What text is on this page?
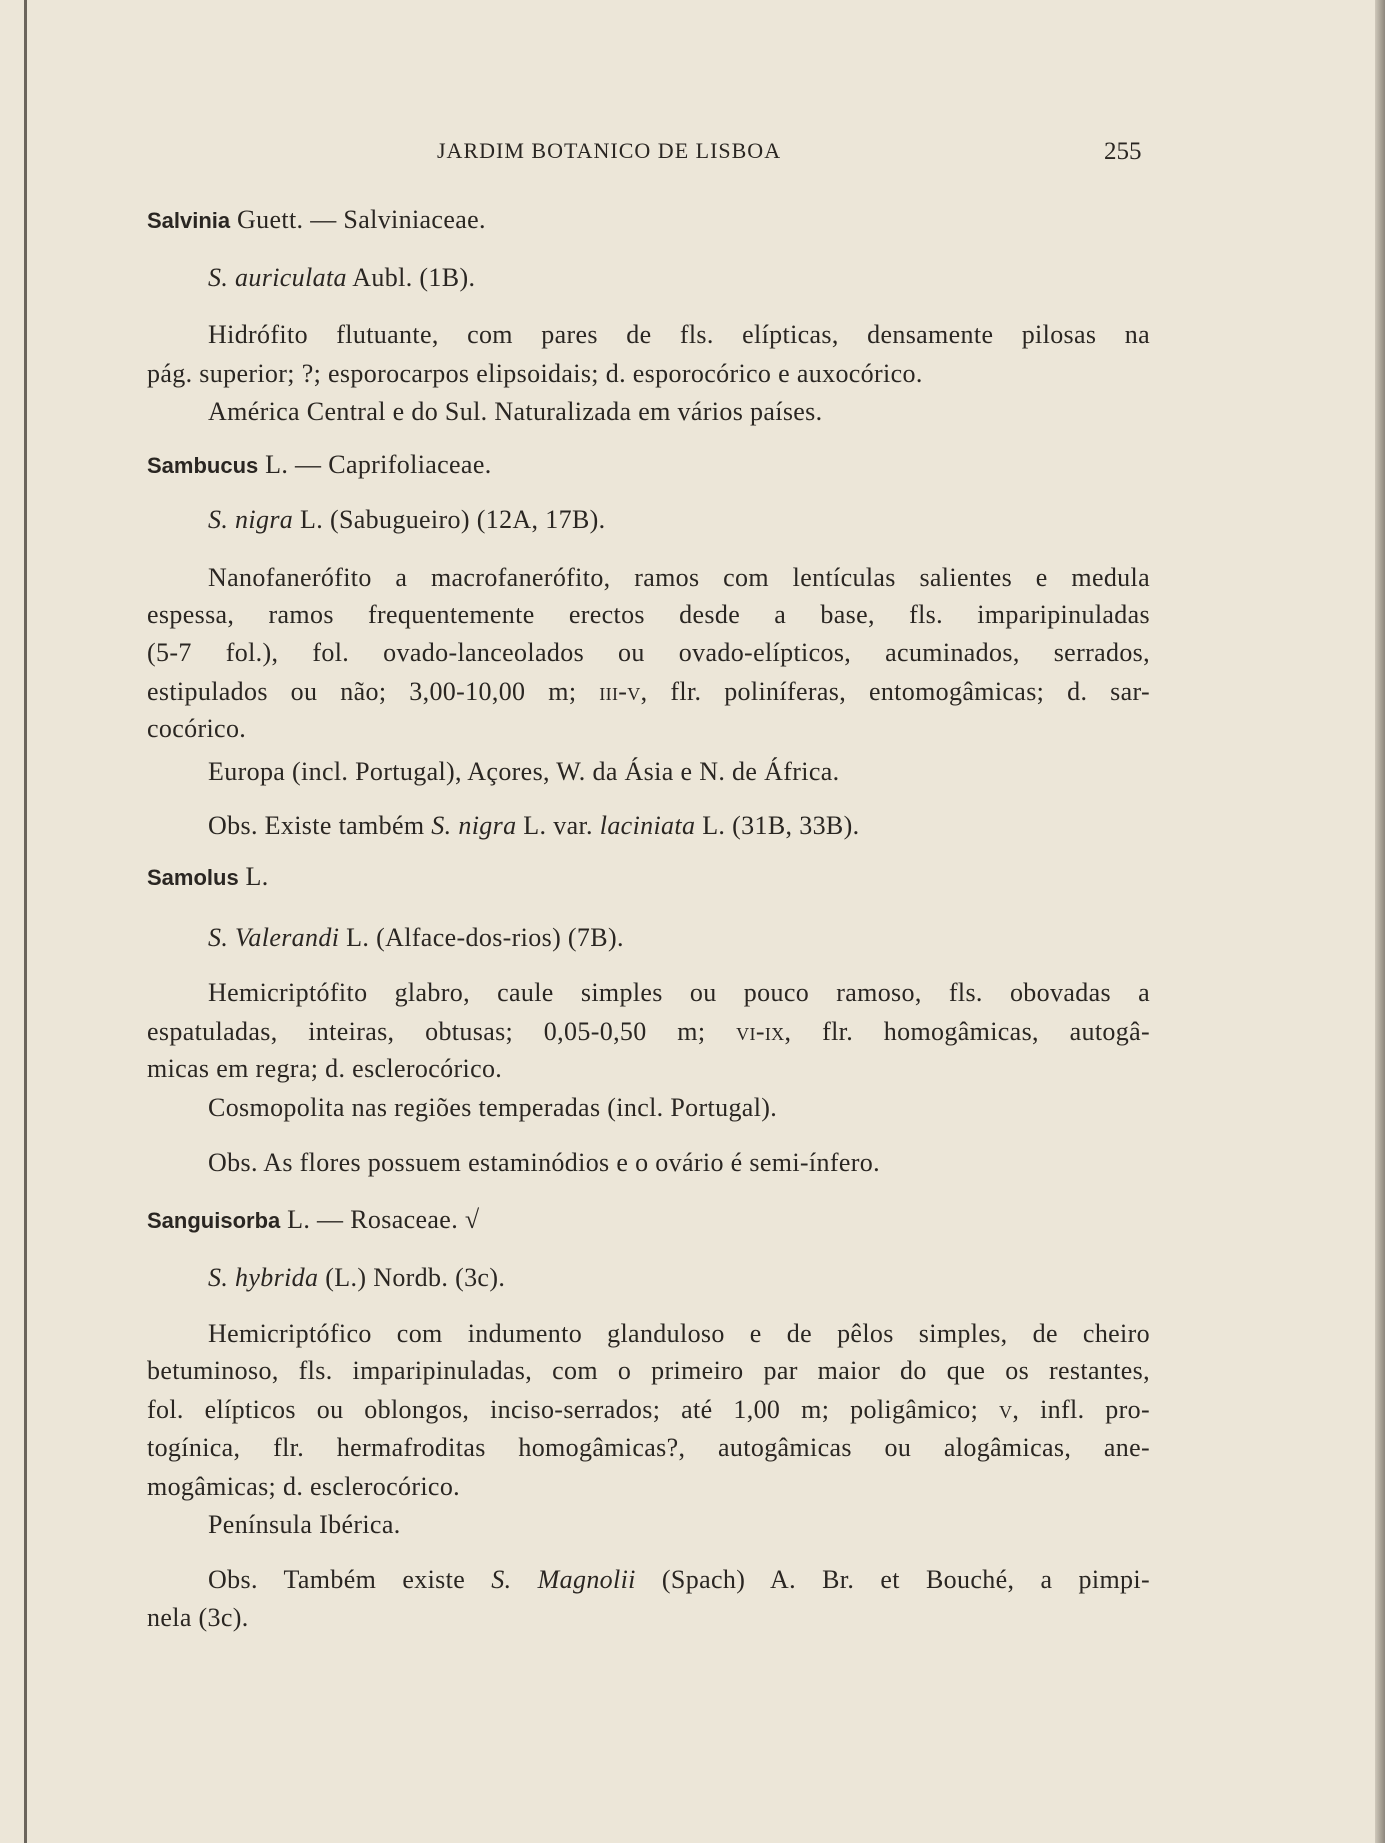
JARDIM BOTANICO DE LISBOA	255
Salvinia Guett. — Salviniaceae.
S. auriculata Aubl. (1B).
Hidrófito flutuante, com pares de fls. elípticas, densamente pilosas na
pág. superior; ?; esporocarpos elipsoidais; d. esporocórico e auxocórico.
América Central e do Sul. Naturalizada em vários países.
Sambucus L. — Caprifoliaceae.
S. nigra L. (Sabugueiro) (12A, 17B).
Nanofanerófito a macrofanerófito, ramos com lentículas salientes e medula
espessa, ramos frequentemente erectos desde a base, fls. imparipinuladas
(5-7 fol.), fol. ovado-lanceolados ou ovado-elípticos, acuminados, serrados,
estipulados ou não; 3,00-10,00 m; iii-v, flr. poliníferas, entomogâmicas; d. sar-
cocórico.
Europa (incl. Portugal), Açores, W. da Ásia e N. de África.
Obs. Existe também S. nigra L. var. laciniata L. (31B, 33B).
Samolus L.
S. Valerandi L. (Alface-dos-rios) (7B).
Hemicriptófito glabro, caule simples ou pouco ramoso, fls. obovadas a
espatuladas, inteiras, obtusas; 0,05-0,50 m; vi-ix, flr. homogâmicas, autogâ-
micas em regra; d. esclerocórico.
Cosmopolita nas regiões temperadas (incl. Portugal).
Obs. As flores possuem estaminódios e o ovário é semi-ínfero.
Sanguisorba L. — Rosaceae. √
S. hybrida (L.) Nordb. (3c).
Hemicriptófico com indumento glanduloso e de pêlos simples, de cheiro
betuminoso, fls. imparipinuladas, com o primeiro par maior do que os restantes,
fol. elípticos ou oblongos, inciso-serrados; até 1,00 m; poligâmico; v, infl. pro-
togínica, flr. hermafroditas homogâmicas?, autogâmicas ou alogâmicas, ane-
mogâmicas; d. esclerocórico.
Península Ibérica.
Obs. Também existe S. Magnolii (Spach) A. Br. et Bouché, a pimpi-
nela (3c).
